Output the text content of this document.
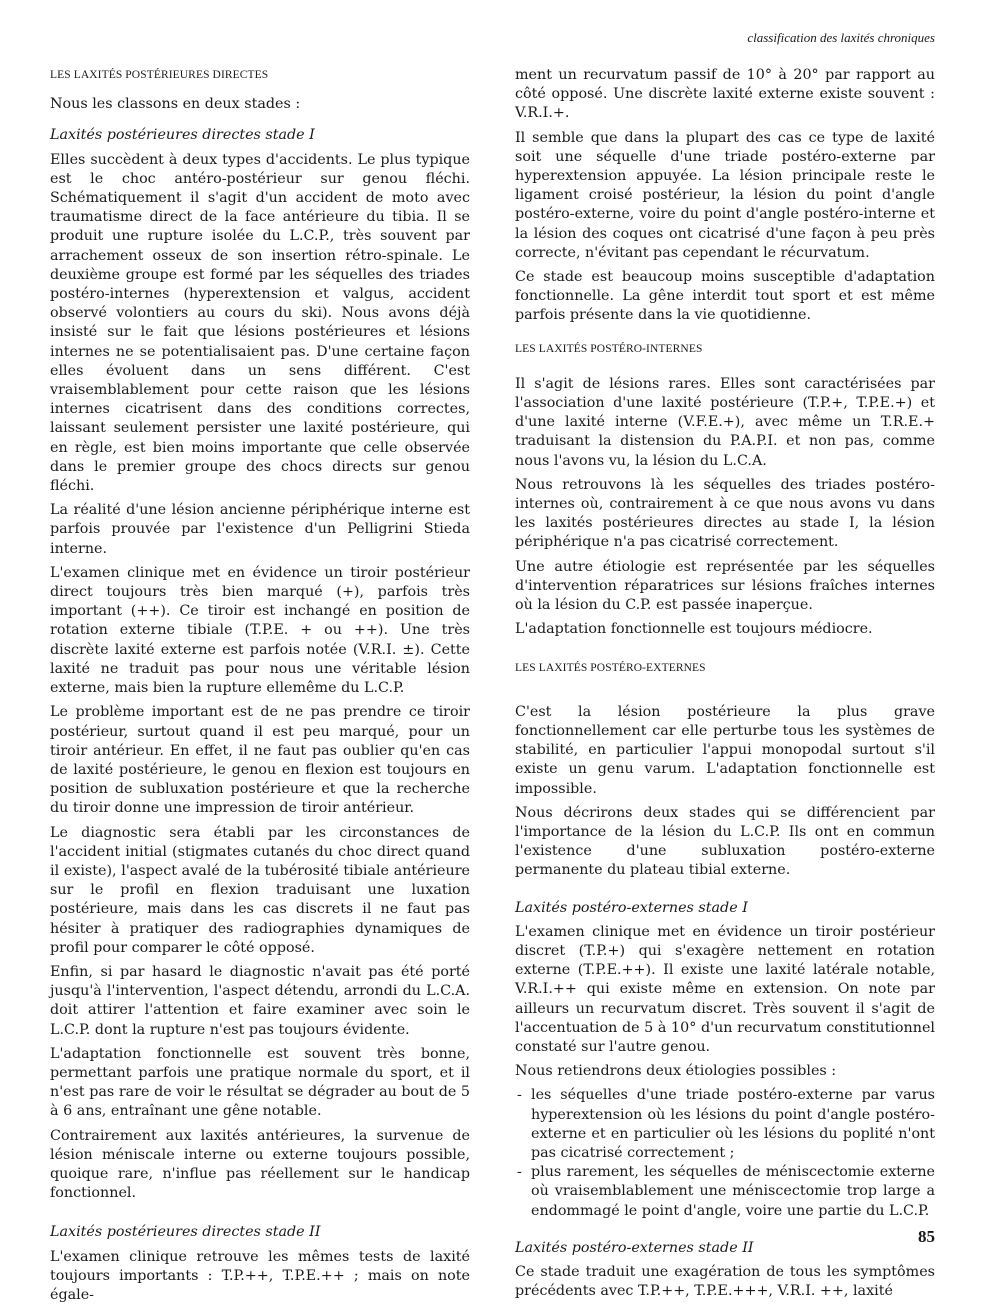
classification des laxités chroniques
LES LAXITÉS POSTÉRIEURES DIRECTES

Nous les classons en deux stades :

Laxités postérieures directes stade I

Elles succèdent à deux types d'accidents. Le plus typique est le choc antéro-postérieur sur genou fléchi. Schématiquement il s'agit d'un accident de moto avec traumatisme direct de la face antérieure du tibia. Il se produit une rupture isolée du L.C.P., très souvent par arrachement osseux de son insertion rétro-spinale. Le deuxième groupe est formé par les séquelles des triades postéro-internes (hyperextension et valgus, accident observé volontiers au cours du ski). Nous avons déjà insisté sur le fait que lésions postérieures et lésions internes ne se potentialisaient pas. D'une certaine façon elles évoluent dans un sens différent. C'est vraisemblablement pour cette raison que les lésions internes cicatrisent dans des conditions correctes, laissant seulement persister une laxité postérieure, qui en règle, est bien moins importante que celle observée dans le premier groupe des chocs directs sur genou fléchi.

La réalité d'une lésion ancienne périphérique interne est parfois prouvée par l'existence d'un Pelligrini Stieda interne.

L'examen clinique met en évidence un tiroir postérieur direct toujours très bien marqué (+), parfois très important (++). Ce tiroir est inchangé en position de rotation externe tibiale (T.P.E. + ou ++). Une très discrète laxité externe est parfois notée (V.R.I. ±). Cette laxité ne traduit pas pour nous une véritable lésion externe, mais bien la rupture ellemême du L.C.P.

Le problème important est de ne pas prendre ce tiroir postérieur, surtout quand il est peu marqué, pour un tiroir antérieur. En effet, il ne faut pas oublier qu'en cas de laxité postérieure, le genou en flexion est toujours en position de subluxation postérieure et que la recherche du tiroir donne une impression de tiroir antérieur.

Le diagnostic sera établi par les circonstances de l'accident initial (stigmates cutanés du choc direct quand il existe), l'aspect avalé de la tubérosité tibiale antérieure sur le profil en flexion traduisant une luxation postérieure, mais dans les cas discrets il ne faut pas hésiter à pratiquer des radiographies dynamiques de profil pour comparer le côté opposé.

Enfin, si par hasard le diagnostic n'avait pas été porté jusqu'à l'intervention, l'aspect détendu, arrondi du L.C.A. doit attirer l'attention et faire examiner avec soin le L.C.P. dont la rupture n'est pas toujours évidente.

L'adaptation fonctionnelle est souvent très bonne, permettant parfois une pratique normale du sport, et il n'est pas rare de voir le résultat se dégrader au bout de 5 à 6 ans, entraînant une gêne notable.

Contrairement aux laxités antérieures, la survenue de lésion méniscale interne ou externe toujours possible, quoique rare, n'influe pas réellement sur le handicap fonctionnel.

Laxités postérieures directes stade II

L'examen clinique retrouve les mêmes tests de laxité toujours importants : T.P.++, T.P.E.++ ; mais on note égale-

ment un recurvatum passif de 10° à 20° par rapport au côté opposé. Une discrète laxité externe existe souvent : V.R.I.+.

Il semble que dans la plupart des cas ce type de laxité soit une séquelle d'une triade postéro-externe par hyperextension appuyée. La lésion principale reste le ligament croisé postérieur, la lésion du point d'angle postéro-externe, voire du point d'angle postéro-interne et la lésion des coques ont cicatrisé d'une façon à peu près correcte, n'évitant pas cependant le récurvatum.

Ce stade est beaucoup moins susceptible d'adaptation fonctionnelle. La gêne interdit tout sport et est même parfois présente dans la vie quotidienne.

LES LAXITÉS POSTÉRO-INTERNES

Il s'agit de lésions rares. Elles sont caractérisées par l'association d'une laxité postérieure (T.P.+, T.P.E.+) et d'une laxité interne (V.F.E.+), avec même un T.R.E.+ traduisant la distension du P.A.P.I. et non pas, comme nous l'avons vu, la lésion du L.C.A.

Nous retrouvons là les séquelles des triades postéro-internes où, contrairement à ce que nous avons vu dans les laxités postérieures directes au stade I, la lésion périphérique n'a pas cicatrisé correctement.

Une autre étiologie est représentée par les séquelles d'intervention réparatrices sur lésions fraîches internes où la lésion du C.P. est passée inaperçue.

L'adaptation fonctionnelle est toujours médiocre.

LES LAXITÉS POSTÉRO-EXTERNES

C'est la lésion postérieure la plus grave fonctionnellement car elle perturbe tous les systèmes de stabilité, en particulier l'appui monopodal surtout s'il existe un genu varum. L'adaptation fonctionnelle est impossible.

Nous décrirons deux stades qui se différencient par l'importance de la lésion du L.C.P. Ils ont en commun l'existence d'une subluxation postéro-externe permanente du plateau tibial externe.

Laxités postéro-externes stade I

L'examen clinique met en évidence un tiroir postérieur discret (T.P.+) qui s'exagère nettement en rotation externe (T.P.E.++). Il existe une laxité latérale notable, V.R.I.++ qui existe même en extension. On note par ailleurs un recurvatum discret. Très souvent il s'agit de l'accentuation de 5 à 10° d'un recurvatum constitutionnel constaté sur l'autre genou.

Nous retiendrons deux étiologies possibles :

- les séquelles d'une triade postéro-externe par varus hyperextension où les lésions du point d'angle postéro-externe et en particulier où les lésions du poplité n'ont pas cicatrisé correctement ;
- plus rarement, les séquelles de méniscectomie externe où vraisemblablement une méniscectomie trop large a endommagé le point d'angle, voire une partie du L.C.P.
Laxités postéro-externes stade II

Ce stade traduit une exagération de tous les symptômes précédents avec T.P.++, T.P.E.+++, V.R.I. ++, laxité

85
